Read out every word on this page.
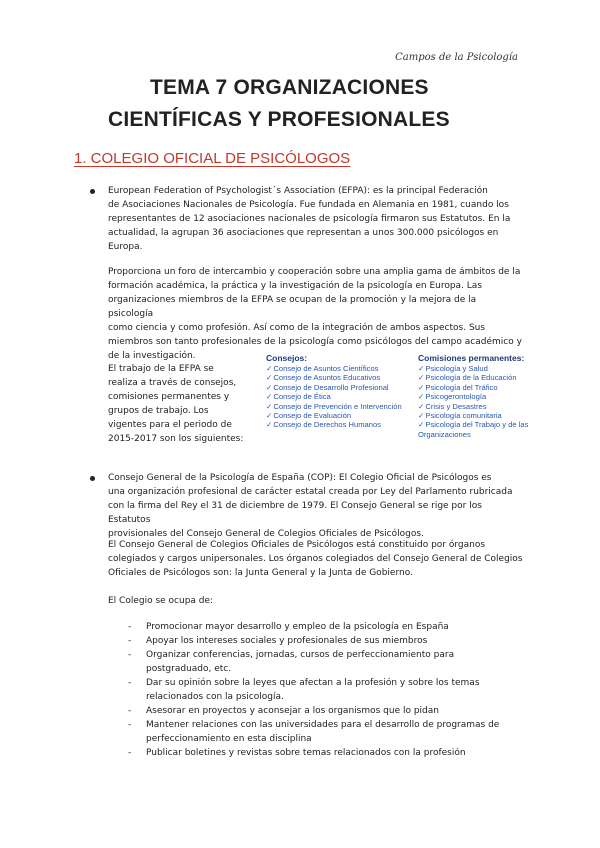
Campos de la Psicología
TEMA 7 ORGANIZACIONES
CIENTÍFICAS Y PROFESIONALES
1. COLEGIO OFICIAL DE PSICÓLOGOS

European Federation of Psychologist´s Association (EFPA): es la principal Federación

de Asociaciones Nacionales de Psicología. Fue fundada en Alemania en 1981, cuando los

representantes de 12 asociaciones nacionales de psicología firmaron sus Estatutos. En la

actualidad, la agrupan 36 asociaciones que representan a unos 300.000 psicólogos en

Europa.

Proporciona un foro de intercambio y cooperación sobre una amplia gama de ámbitos de la

formación académica, la práctica y la investigación de la psicología en Europa. Las

organizaciones miembros de la EFPA se ocupan de la promoción y la mejora de la psicología

como ciencia y como profesión. Así como de la integración de ambos aspectos. Sus

miembros son tanto profesionales de la psicología como psicólogos del campo académico y

de la investigación.

El trabajo de la EFPA se

realiza a través de consejos,

comisiones permanentes y

grupos de trabajo. Los

vigentes para el periodo de

2015-2017 son los siguientes:

Consejos:
✓Consejo de Asuntos Científicos
✓Consejo de Asuntos Educativos
✓Consejo de Desarrollo Profesional
✓Consejo de Ética
✓Consejo de Prevención e Intervención
✓Consejo de Evaluación
✓Consejo de Derechos Humanos
Comisiones permanentes:
✓Psicología y Salud
✓Psicología de la Educación
✓Psicología del Tráfico
✓Psicogerontología
✓Crisis y Desastres
✓Psicología comunitaria
✓Psicología del Trabajo y de las Organizaciones

Consejo General de la Psicología de España (COP): El Colegio Oficial de Psicólogos es

una organización profesional de carácter estatal creada por Ley del Parlamento rubricada

con la firma del Rey el 31 de diciembre de 1979. El Consejo General se rige por los Estatutos

provisionales del Consejo General de Colegios Oficiales de Psicólogos.

El Consejo General de Colegios Oficiales de Psicólogos está constituido por órganos

colegiados y cargos unipersonales. Los órganos colegiados del Consejo General de Colegios

Oficiales de Psicólogos son: la Junta General y la Junta de Gobierno.

El Colegio se ocupa de:

- Promocionar mayor desarrollo y empleo de la psicología en España
- Apoyar los intereses sociales y profesionales de sus miembros
- Organizar conferencias, jornadas, cursos de perfeccionamiento para
postgraduado, etc.
- Dar su opinión sobre la leyes que afectan a la profesión y sobre los temas
relacionados con la psicología.
- Asesorar en proyectos y aconsejar a los organismos que lo pidan
- Mantener relaciones con las universidades para el desarrollo de programas de
perfeccionamiento en esta disciplina
- Publicar boletines y revistas sobre temas relacionados con la profesión
